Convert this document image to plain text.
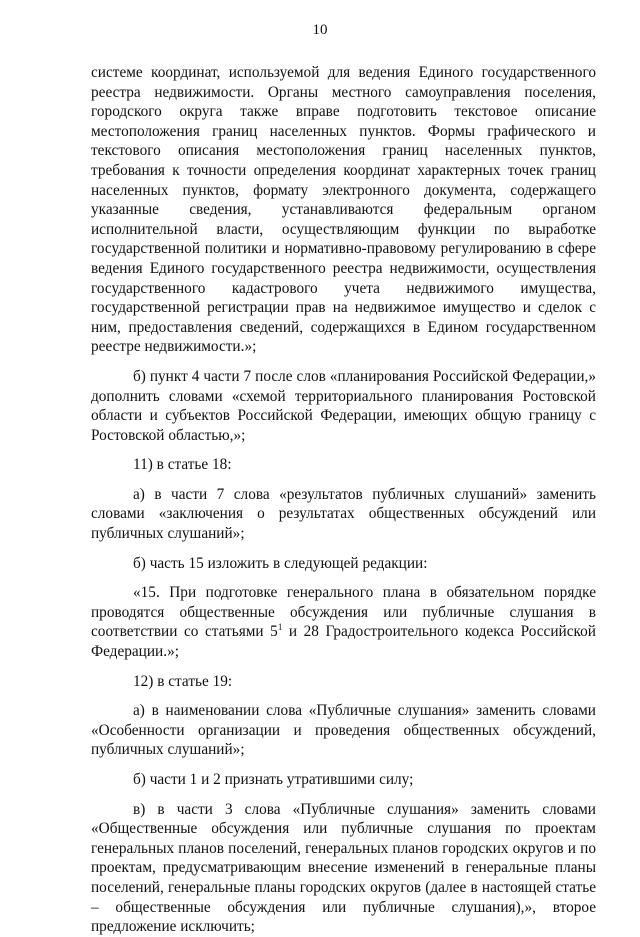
10

системе координат, используемой для ведения Единого государственного реестра недвижимости. Органы местного самоуправления поселения, городского округа также вправе подготовить текстовое описание местоположения границ населенных пунктов. Формы графического и текстового описания местоположения границ населенных пунктов, требования к точности определения координат характерных точек границ населенных пунктов, формату электронного документа, содержащего указанные сведения, устанавливаются федеральным органом исполнительной власти, осуществляющим функции по выработке государственной политики и нормативно-правовому регулированию в сфере ведения Единого государственного реестра недвижимости, осуществления государственного кадастрового учета недвижимого имущества, государственной регистрации прав на недвижимое имущество и сделок с ним, предоставления сведений, содержащихся в Едином государственном реестре недвижимости.»;

б) пункт 4 части 7 после слов «планирования Российской Федерации,» дополнить словами «схемой территориального планирования Ростовской области и субъектов Российской Федерации, имеющих общую границу с Ростовской областью,»;

11) в статье 18:

а) в части 7 слова «результатов публичных слушаний» заменить словами «заключения о результатах общественных обсуждений или публичных слушаний»;

б) часть 15 изложить в следующей редакции:

«15. При подготовке генерального плана в обязательном порядке проводятся общественные обсуждения или публичные слушания в соответствии со статьями $5^1$ и 28 Градостроительного кодекса Российской Федерации.»;

12) в статье 19:

а) в наименовании слова «Публичные слушания» заменить словами «Особенности организации и проведения общественных обсуждений, публичных слушаний»;

б) части 1 и 2 признать утратившими силу;

в) в части 3 слова «Публичные слушания» заменить словами «Общественные обсуждения или публичные слушания по проектам генеральных планов поселений, генеральных планов городских округов и по проектам, предусматривающим внесение изменений в генеральные планы поселений, генеральные планы городских округов (далее в настоящей статье – общественные обсуждения или публичные слушания),», второе предложение исключить;
